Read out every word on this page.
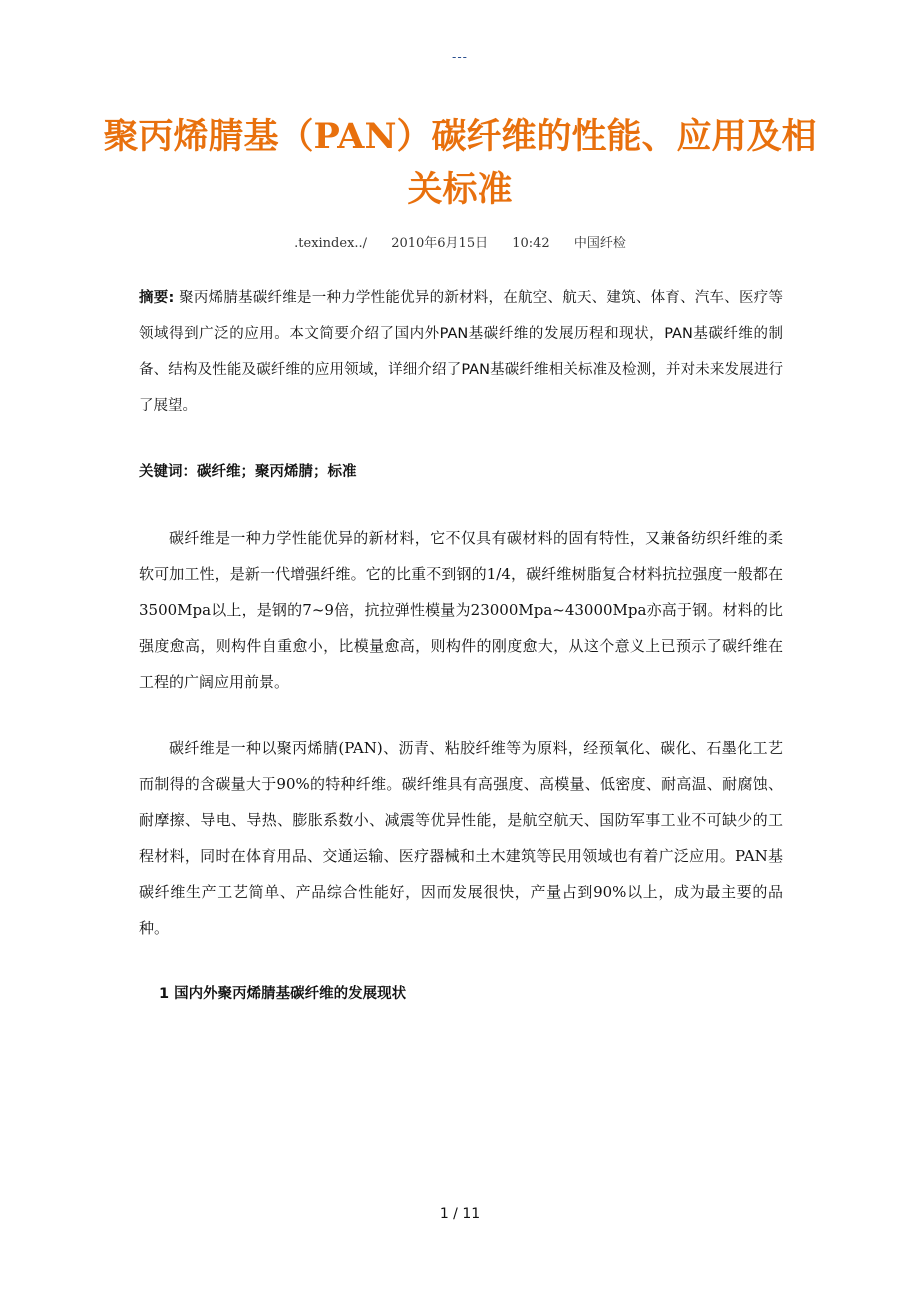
---
聚丙烯腈基（PAN）碳纤维的性能、应用及相关标准
.texindex../ 2010年6月15日 10:42 中国纤检

摘要: 聚丙烯腈基碳纤维是一种力学性能优异的新材料，在航空、航天、建筑、体育、汽车、医疗等领域得到广泛的应用。本文简要介绍了国内外PAN基碳纤维的发展历程和现状，PAN基碳纤维的制备、结构及性能及碳纤维的应用领域，详细介绍了PAN基碳纤维相关标准及检测，并对未来发展进行了展望。

关键词：碳纤维；聚丙烯腈；标准

碳纤维是一种力学性能优异的新材料，它不仅具有碳材料的固有特性，又兼备纺织纤维的柔软可加工性，是新一代增强纤维。它的比重不到钢的1/4，碳纤维树脂复合材料抗拉强度一般都在3500Mpa以上，是钢的7~9倍，抗拉弹性模量为23000Mpa~43000Mpa亦高于钢。材料的比强度愈高，则构件自重愈小，比模量愈高，则构件的刚度愈大，从这个意义上已预示了碳纤维在工程的广阔应用前景。

碳纤维是一种以聚丙烯腈(PAN)、沥青、粘胶纤维等为原料，经预氧化、碳化、石墨化工艺而制得的含碳量大于90%的特种纤维。碳纤维具有高强度、高模量、低密度、耐高温、耐腐蚀、耐摩擦、导电、导热、膨胀系数小、减震等优异性能，是航空航天、国防军事工业不可缺少的工程材料，同时在体育用品、交通运输、医疗器械和土木建筑等民用领域也有着广泛应用。PAN基碳纤维生产工艺简单、产品综合性能好，因而发展很快，产量占到90%以上，成为最主要的品种。

1 国内外聚丙烯腈基碳纤维的发展现状

1 / 11
